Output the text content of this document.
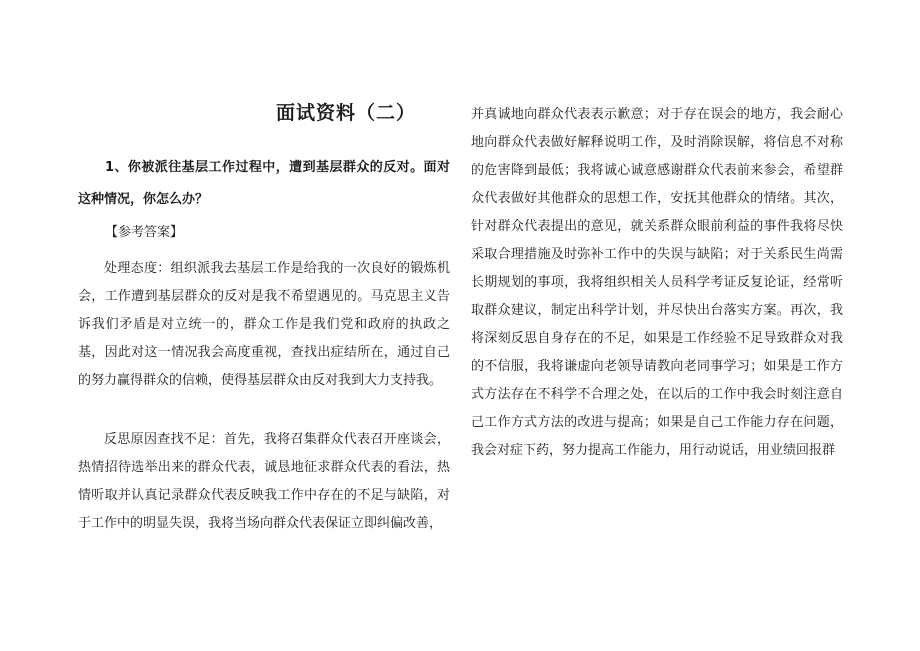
面试资料（二）

1、你被派往基层工作过程中，遭到基层群众的反对。面对这种情况，你怎么办？

【参考答案】

处理态度：组织派我去基层工作是给我的一次良好的锻炼机会，工作遭到基层群众的反对是我不希望遇见的。马克思主义告诉我们矛盾是对立统一的，群众工作是我们党和政府的执政之基，因此对这一情况我会高度重视，查找出症结所在，通过自己的努力赢得群众的信赖，使得基层群众由反对我到大力支持我。

反思原因查找不足：首先，我将召集群众代表召开座谈会，热情招待选举出来的群众代表，诚恳地征求群众代表的看法，热情听取并认真记录群众代表反映我工作中存在的不足与缺陷，对于工作中的明显失误，我将当场向群众代表保证立即纠偏改善，

并真诚地向群众代表表示歉意；对于存在误会的地方，我会耐心地向群众代表做好解释说明工作，及时消除误解，将信息不对称的危害降到最低；我将诚心诚意感谢群众代表前来参会，希望群众代表做好其他群众的思想工作，安抚其他群众的情绪。其次，针对群众代表提出的意见，就关系群众眼前利益的事件我将尽快采取合理措施及时弥补工作中的失误与缺陷；对于关系民生尚需长期规划的事项，我将组织相关人员科学考证反复论证，经常听取群众建议，制定出科学计划，并尽快出台落实方案。再次，我将深刻反思自身存在的不足，如果是工作经验不足导致群众对我的不信服，我将谦虚向老领导请教向老同事学习；如果是工作方式方法存在不科学不合理之处，在以后的工作中我会时刻注意自己工作方式方法的改进与提高；如果是自己工作能力存在问题，我会对症下药，努力提高工作能力，用行动说话，用业绩回报群
